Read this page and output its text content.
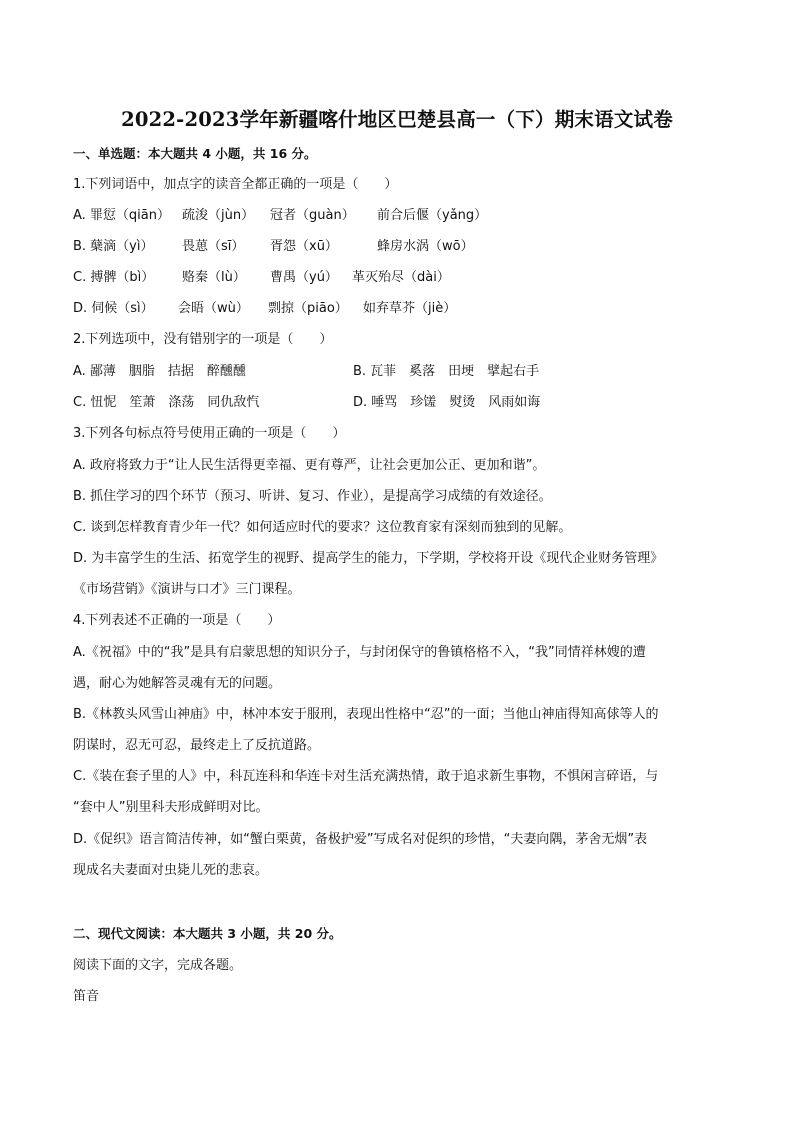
2022-2023学年新疆喀什地区巴楚县高一（下）期末语文试卷
一、单选题：本大题共 4 小题，共 16 分。
1.下列词语中，加点字的读音全都正确的一项是（　　）
A. 罪愆（qiān） 疏浚（jùn） 冠者（guàn） 前合后偃（yǎng）
B. 蘖滴（yì） 畏葸（sī） 胥怨（xū）	蜂房水涡（wō）
C. 搏髀（bì） 赂秦（lù） 曹禺（yú） 革灭殆尽（dài）
D. 伺候（sì） 会晤（wù） 剽掠（piāo） 如弃草芥（jiè）
2.下列选项中，没有错别字的一项是（　　）
A. 鄙薄　胭脂　拮据　醉醺醺	B. 瓦菲　奚落　田埂　擘起右手
C. 忸怩　笙萧　涤荡　同仇敌忾	D. 唾骂　珍馐　熨烫　风雨如诲
3.下列各句标点符号使用正确的一项是（　　）
A. 政府将致力于“让人民生活得更幸福、更有尊严，让社会更加公正、更加和谐”。
B. 抓住学习的四个环节（预习、听讲、复习、作业），是提高学习成绩的有效途径。
C. 谈到怎样教育青少年一代？如何适应时代的要求？这位教育家有深刻而独到的见解。
D. 为丰富学生的生活、拓宽学生的视野、提高学生的能力，下学期，学校将开设《现代企业财务管理》
《市场营销》《演讲与口才》三门课程。
4.下列表述不正确的一项是（　　）
A.《祝福》中的“我”是具有启蒙思想的知识分子，与封闭保守的鲁镇格格不入，“我”同情祥林嫂的遭
遇，耐心为她解答灵魂有无的问题。
B.《林教头风雪山神庙》中，林冲本安于服刑，表现出性格中“忍”的一面；当他山神庙得知高俅等人的
阴谋时，忍无可忍，最终走上了反抗道路。
C.《装在套子里的人》中，科瓦连科和华连卡对生活充满热情，敢于追求新生事物，不惧闲言碎语，与
“套中人”别里科夫形成鲜明对比。
D.《促织》语言简洁传神，如“蟹白栗黄，备极护爱”写成名对促织的珍惜，“夫妻向隅，茅舍无烟”表
现成名夫妻面对虫毙儿死的悲哀。
二、现代文阅读：本大题共 3 小题，共 20 分。
阅读下面的文字，完成各题。
笛音
